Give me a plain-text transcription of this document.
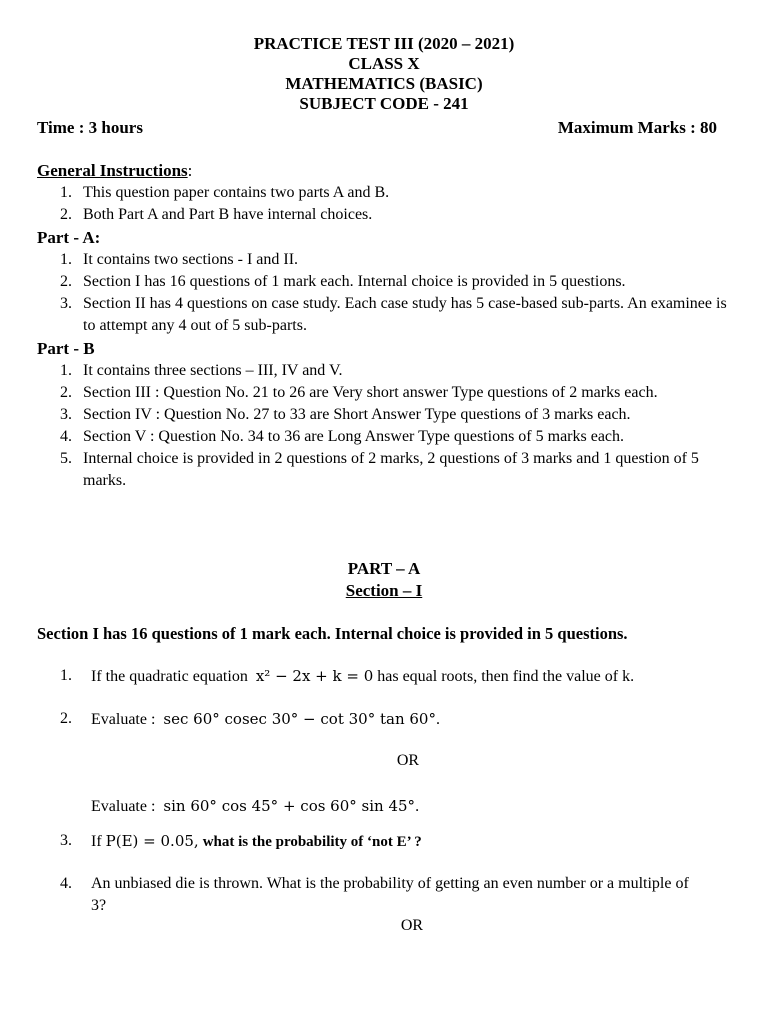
PRACTICE TEST III (2020 – 2021)
CLASS X
MATHEMATICS (BASIC)
SUBJECT CODE - 241
Time : 3 hours	Maximum Marks : 80
General Instructions:
1. This question paper contains two parts A and B.
2. Both Part A and Part B have internal choices.
Part - A:
1. It contains two sections - I and II.
2. Section I has 16 questions of 1 mark each. Internal choice is provided in 5 questions.
3. Section II has 4 questions on case study. Each case study has 5 case-based sub-parts. An examinee is to attempt any 4 out of 5 sub-parts.
Part - B
1. It contains three sections – III, IV and V.
2. Section III : Question No. 21 to 26 are Very short answer Type questions of 2 marks each.
3. Section IV : Question No. 27 to 33 are Short Answer Type questions of 3 marks each.
4. Section V : Question No. 34 to 36 are Long Answer Type questions of 5 marks each.
5. Internal choice is provided in 2 questions of 2 marks, 2 questions of 3 marks and 1 question of 5 marks.
PART – A
Section – I
Section I has 16 questions of 1 mark each. Internal choice is provided in 5 questions.
1. If the quadratic equation x² − 2x + k = 0 has equal roots, then find the value of k.
2. Evaluate : sec 60° cosec 30° − cot 30° tan 60°.
OR
Evaluate : sin 60° cos 45° + cos 60° sin 45°.
3. If P(E) = 0.05, what is the probability of ‘not E’ ?
4. An unbiased die is thrown. What is the probability of getting an even number or a multiple of 3?
OR
